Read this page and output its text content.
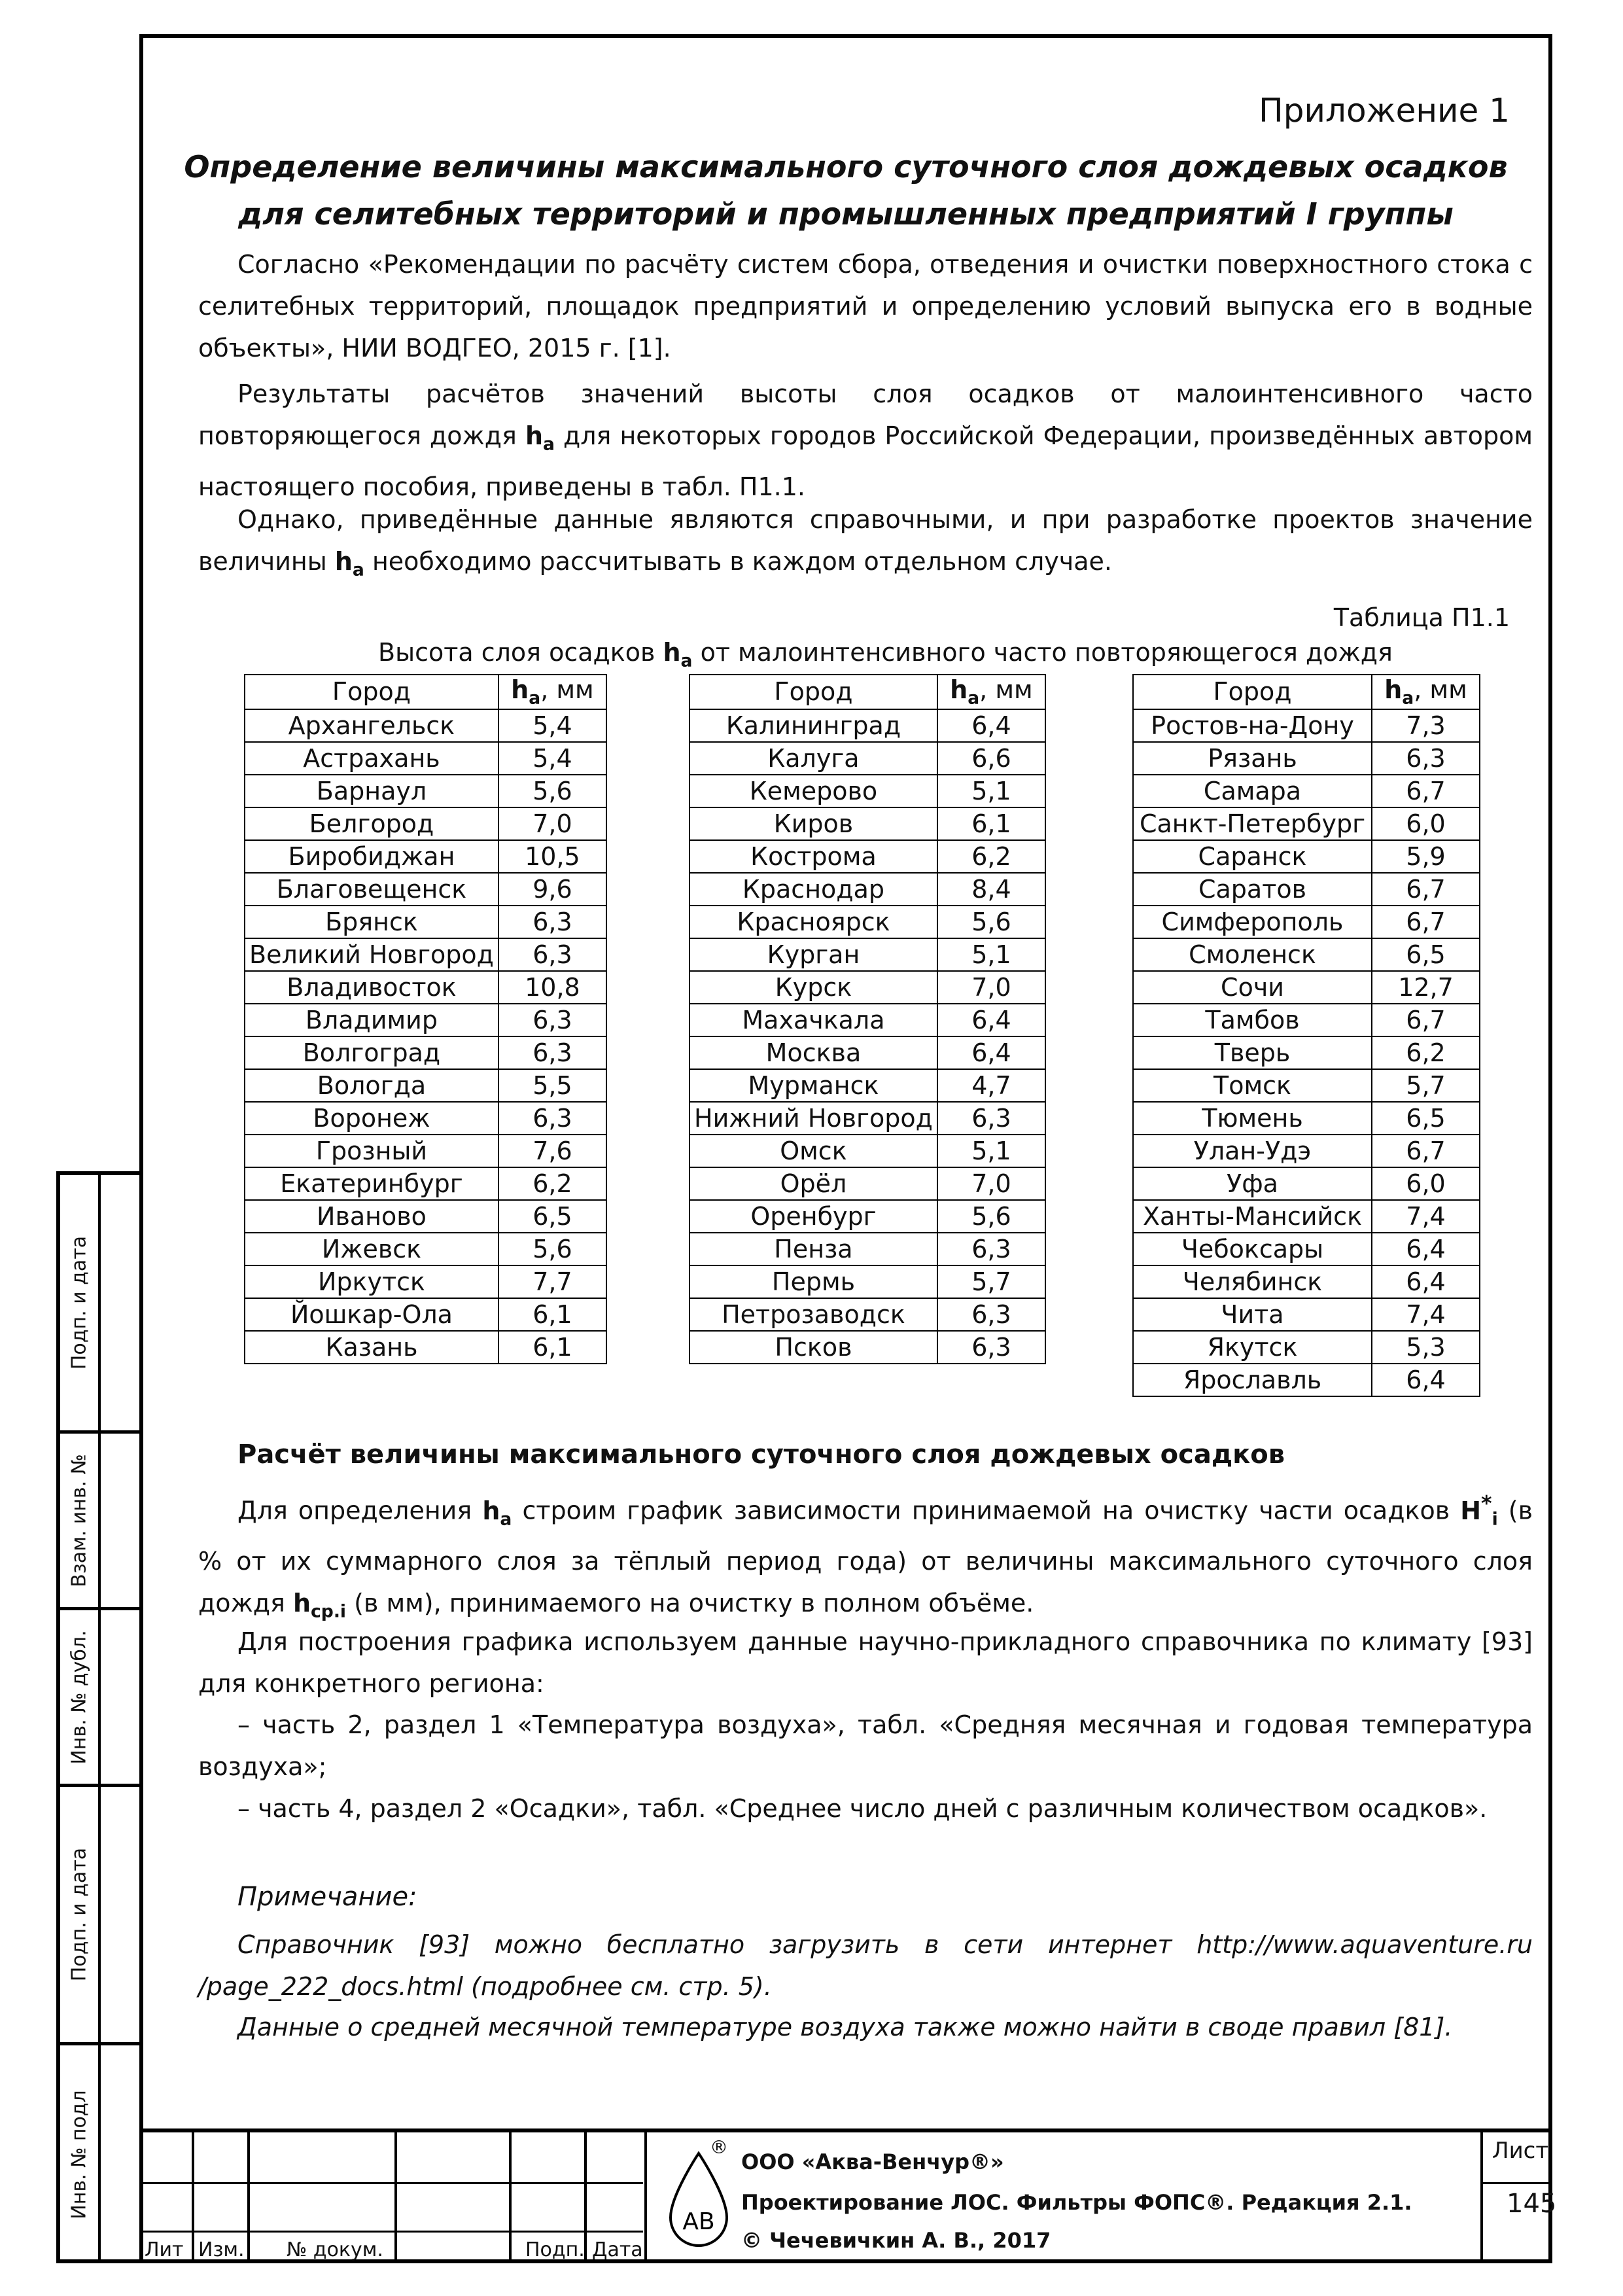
Подп. и дата
Взам. инв. №
Инв. № дубл.
Подп. и дата
Инв. № подл
Приложение 1
Определение величины максимального суточного слоя дождевых осадков
для селитебных территорий и промышленных предприятий I группы

Согласно «Рекомендации по расчёту систем сбора, отведения и очистки поверхностного стока с селитебных территорий, площадок предприятий и определению условий выпуска его в водные объекты», НИИ ВОДГЕО, 2015 г. [1].

Результаты расчётов значений высоты слоя осадков от малоинтенсивного часто повторяющегося дождя $h_a$ для некоторых городов Российской Федерации, произведённых автором настоящего пособия, приведены в табл. П1.1.

Однако, приведённые данные являются справочными, и при разработке проектов значение величины $h_a$ необходимо рассчитывать в каждом отдельном случае.

Таблица П1.1
Высота слоя осадков $h_a$ от малоинтенсивного часто повторяющегося дождя
Город	$h_a$, мм
Архангельск	5,4
Астрахань	5,4
Барнаул	5,6
Белгород	7,0
Биробиджан	10,5
Благовещенск	9,6
Брянск	6,3
Великий Новгород	6,3
Владивосток	10,8
Владимир	6,3
Волгоград	6,3
Вологда	5,5
Воронеж	6,3
Грозный	7,6
Екатеринбург	6,2
Иваново	6,5
Ижевск	5,6
Иркутск	7,7
Йошкар-Ола	6,1
Казань	6,1
Город	$h_a$, мм
Калининград	6,4
Калуга	6,6
Кемерово	5,1
Киров	6,1
Кострома	6,2
Краснодар	8,4
Красноярск	5,6
Курган	5,1
Курск	7,0
Махачкала	6,4
Москва	6,4
Мурманск	4,7
Нижний Новгород	6,3
Омск	5,1
Орёл	7,0
Оренбург	5,6
Пенза	6,3
Пермь	5,7
Петрозаводск	6,3
Псков	6,3
Город	$h_a$, мм
Ростов-на-Дону	7,3
Рязань	6,3
Самара	6,7
Санкт-Петербург	6,0
Саранск	5,9
Саратов	6,7
Симферополь	6,7
Смоленск	6,5
Сочи	12,7
Тамбов	6,7
Тверь	6,2
Томск	5,7
Тюмень	6,5
Улан-Удэ	6,7
Уфа	6,0
Ханты-Мансийск	7,4
Чебоксары	6,4
Челябинск	6,4
Чита	7,4
Якутск	5,3
Ярославль	6,4
Расчёт величины максимального суточного слоя дождевых осадков

Для определения $h_a$ строим график зависимости принимаемой на очистку части осадков $H^*_i$ (в % от их суммарного слоя за тёплый период года) от величины максимального суточного слоя дождя $h_{cp.i}$ (в мм), принимаемого на очистку в полном объёме.

Для построения графика используем данные научно-прикладного справочника по климату [93] для конкретного региона:

– часть 2, раздел 1 «Температура воздуха», табл. «Средняя месячная и годовая температура воздуха»;

– часть 4, раздел 2 «Осадки», табл. «Среднее число дней с различным количеством осадков».

Примечание:

Справочник [93] можно бесплатно загрузить в сети интернет http://www.aquaventure.ru /page_222_docs.html (подробнее см. стр. 5).

Данные о средней месячной температуре воздуха также можно найти в своде правил [81].

Лит Изм. № докум.	Подп. Дата
АВ
®
ООО «Аква-Венчур®»
Проектирование ЛОС. Фильтры ФОПС®. Редакция 2.1.
© Чечевичкин А. В., 2017
Лист
145
